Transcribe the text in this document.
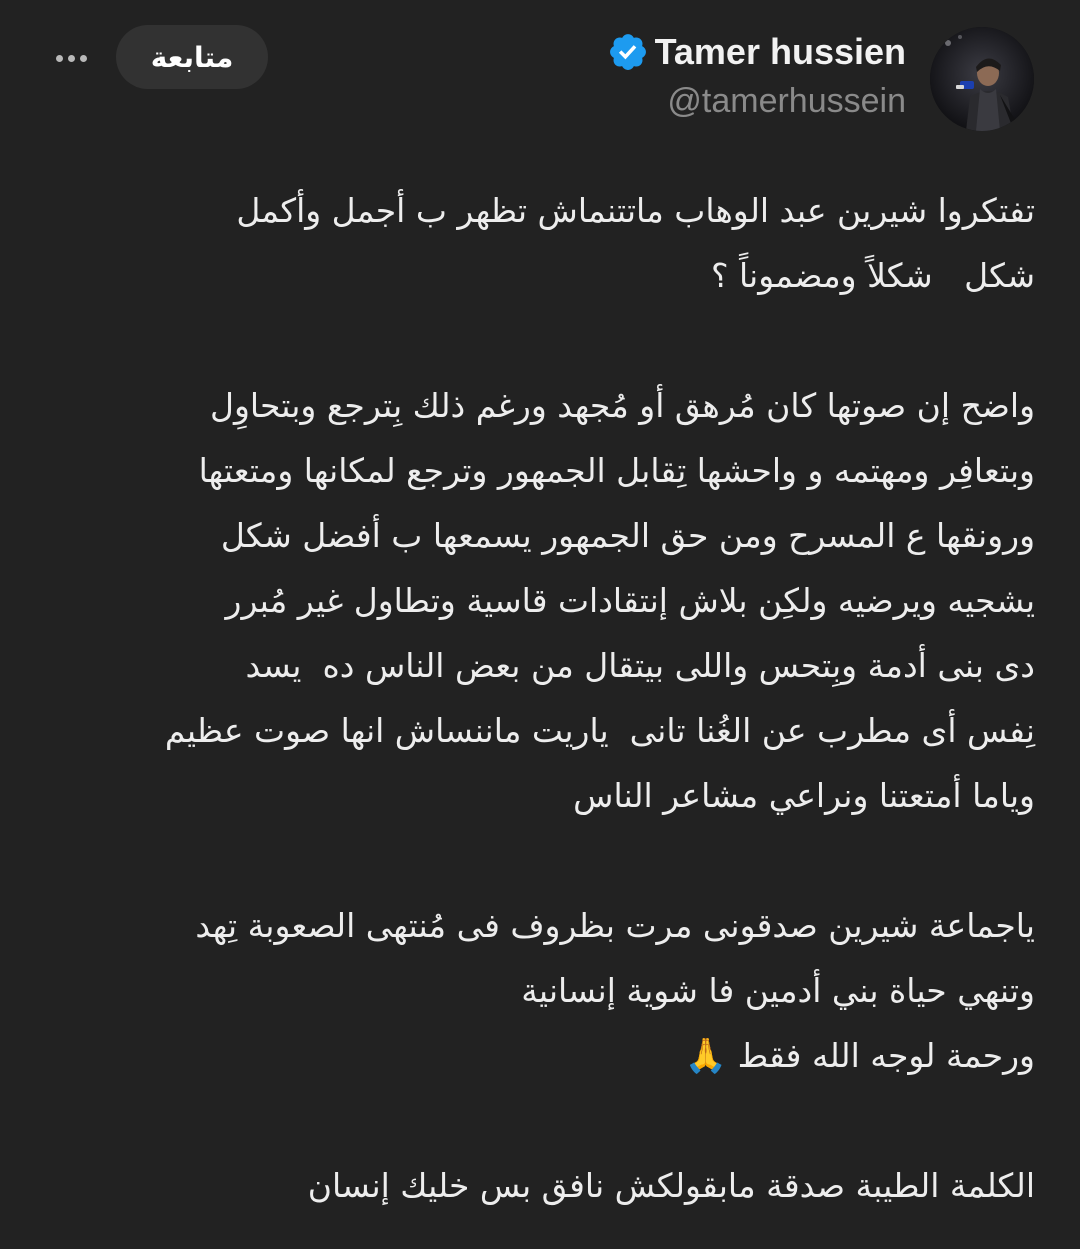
متابعة	Tamer hussien
@tamerhussein

تفتكروا شيرين عبد الوهاب ماتتنماش تظهر ب أجمل وأكمل
شكل   شكلاً ومضموناً ؟

واضح إن صوتها كان مُرهق أو مُجهد ورغم ذلك بِترجع وبتحاوِل
وبتعافِر ومهتمه و واحشها تِقابل الجمهور وترجع لمكانها ومتعتها
ورونقها ع المسرح ومن حق الجمهور يسمعها ب أفضل شكل
يشجيه ويرضيه ولكِن بلاش إنتقادات قاسية وتطاول غير مُبرر
دى بنى أدمة وبِتحس واللى بيتقال من بعض الناس ده  يسد
نِفس أى مطرب عن الغُنا تانى  ياريت ماننساش انها صوت عظيم
وياما أمتعتنا ونراعي مشاعر الناس

ياجماعة شيرين صدقونى مرت بظروف فى مُنتهى الصعوبة تِهد
وتنهي حياة بني أدمين فا شوية إنسانية
ورحمة لوجه الله فقط 🙏

الكلمة الطيبة صدقة مابقولكش نافق بس خليك إنسان
